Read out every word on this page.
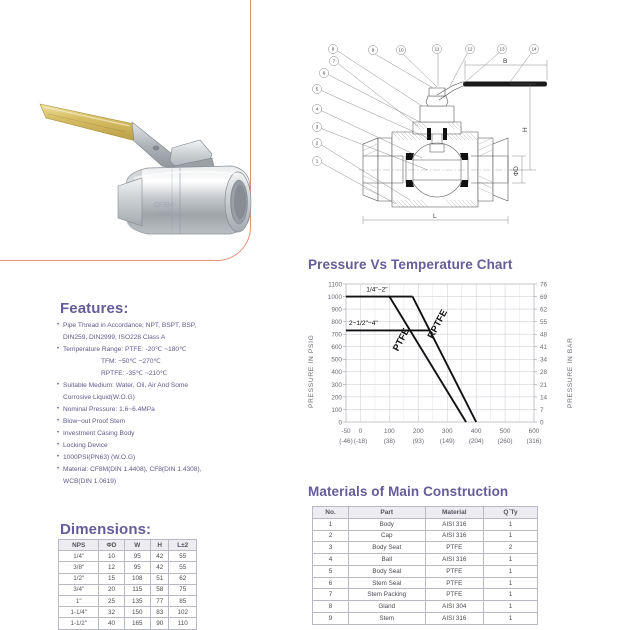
CF8M
316	L
ΦD
H
B
7
8
6
5
4
3
2
1
9	10	11	12	13	14
Features:
• Pipe Thread in Accordance; NPT, BSPT, BSP,
DIN259, DIN2999, ISO228 Class A
• Temperature Range: PTFE: -20℃ ~180℃
TFM: −50℃ −270℃
RPTFE: -35℃ ~210℃
• Suitable Medium: Water, Oil, Air And Some
Corrosive Liquid(W.O.G)
• Nominal Pressure: 1.6~6.4MPa
• Blow−out Proof Stem
• Investment Casing Body
• Locking Device
• 1000PSI(PN63) (W.O.G)
• Material: CF8M(DIN 1.4408), CF8(DIN 1.4308),
WCB(DIN 1.0619)
Pressure Vs Temperature Chart
PRESSURE IN PSIG	PRESSURE IN BAR
1100
1000
900
800
700
600
500
400
300
200
100
0
76
69
62
55
48
41
34
28
21
14
7
0
-50 0	100	200	300	400	500	600
(-46) (-18)	(38)	(93) (149) (204) (260) (316)
1/4"−2"
2−1/2"−4"
PTFE RPTFE
Materials of Main Construction
No.	Part	Material	Q`Ty
1	Body	AISI 316	1
2	Cap	AISI 316	1
3	Body Seat	PTFE	2
4	Ball	AISI 316	1
5	Body Seal	PTFE	1
6	Stem Seal	PTFE	1
7	Stem Packing	PTFE	1
8	Gland	AISI 304	1
9	Stem	AISI 316	1
Dimensions:
NPS	ΦD	W	H	L±2
1/4"	10	95	42	55
3/8"	12	95	42	55
1/2"	15	108	51	62
3/4"	20	115	58	75
1"	25	135	77	85
1-1/4"	32	150	83	102
1-1/2"	40	165	90	110
